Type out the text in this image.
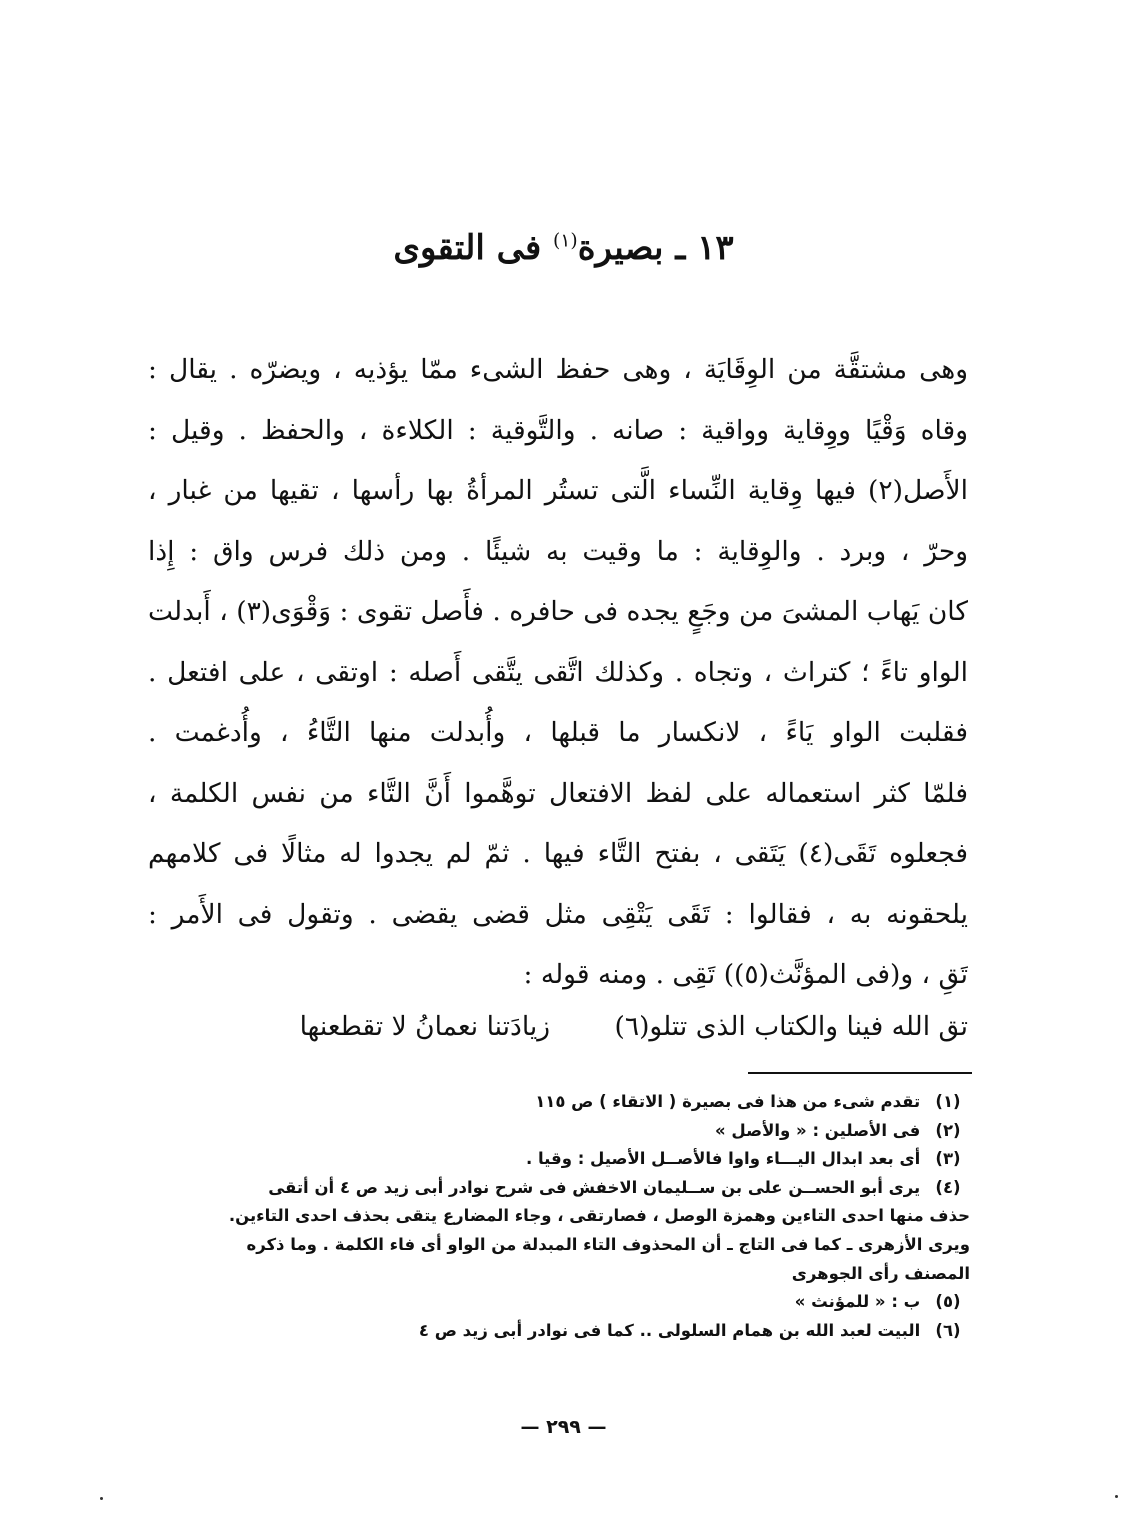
١٣ ـ بصيرة$^{(١)}$ فى التقوى
وهى مشتقَّة من الوِقَايَة ، وهى حفظ الشىء ممّا يؤذيه ، ويضرّه . يقال :
وقاه وَقْيًا ووِقاية وواقية : صانه . والتَّوقية : الكلاءة ، والحفظ . وقيل :
الأَصل(٢) فيها وِقاية النِّساء الَّتى تستُر المرأةُ بها رأسها ، تقيها من غبار ،
وحرّ ، وبرد . والوِقاية : ما وقيت به شيئًا . ومن ذلك فرس واق : إِذا
كان يَهاب المشىَ من وجَعٍ يجده فى حافره . فأَصل تقوى : وَقْوَى(٣) ، أَبدلت
الواو تاءً ؛ كتراث ، وتجاه . وكذلك اتَّقى يتَّقى أَصله : اوتقى ، على افتعل .
فقلبت الواو يَاءً ، لانكسار ما قبلها ، وأُبدلت منها التَّاءُ ، وأُدغمت .
فلمّا كثر استعماله على لفظ الافتعال توهَّموا أَنَّ التَّاء من نفس الكلمة ،
فجعلوه تَقَى(٤) يَتَقى ، بفتح التَّاء فيها . ثمّ لم يجدوا له مثالًا فى كلامهم
يلحقونه به ، فقالوا : تَقَى يَتْقِى مثل قضى يقضى . وتقول فى الأَمر :
تَقِ ، و(فى المؤنَّث(٥)) تَقِى . ومنه قوله :
تق الله فينا والكتاب الذى تتلو(٦) زيادَتنا نعمانُ لا تقطعنها
(١) تقدم شىء من هذا فى بصيرة ( الاتقاء ) ص ١١٥
(٢) فى الأصلين : « والأصل »
(٣) أى بعد ابدال اليـــاء واوا فالأصــل الأصيل : وقيا .
(٤) يرى أبو الحســن على بن ســليمان الاخفش فى شرح نوادر أبى زيد ص ٤ أن أتقى
حذف منها احدى التاءين وهمزة الوصل ، فصارتقى ، وجاء المضارع يتقى بحذف احدى التاءين.
ويرى الأزهرى ـ كما فى التاج ـ أن المحذوف التاء المبدلة من الواو أى فاء الكلمة . وما ذكره
المصنف رأى الجوهرى
(٥) ب : « للمؤنث »
(٦) البيت لعبد الله بن همام السلولى .. كما فى نوادر أبى زيد ص ٤
— ٢٩٩ —
